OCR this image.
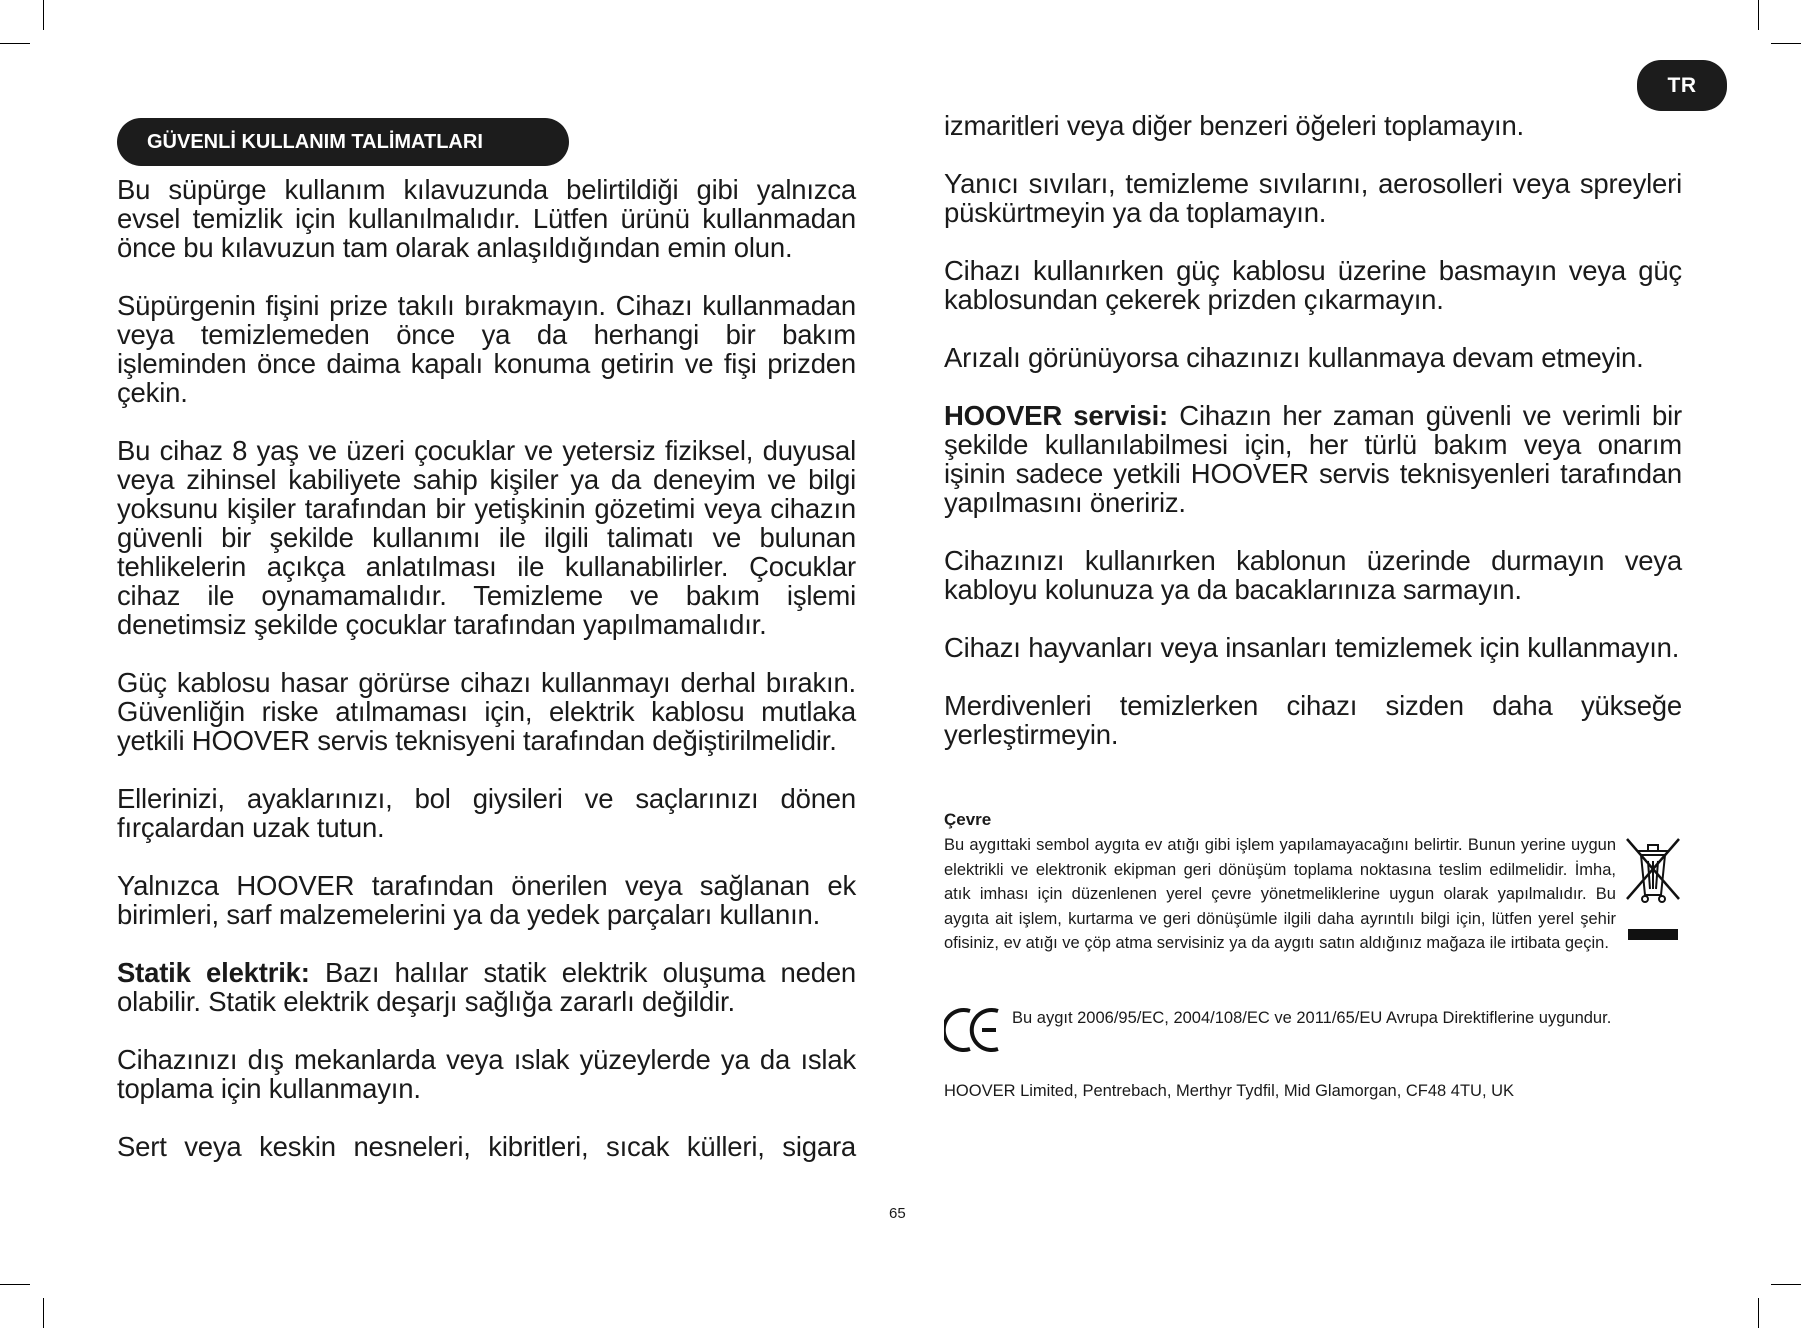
TR
GÜVENLİ KULLANIM TALİMATLARI

Bu süpürge kullanım kılavuzunda belirtildiği gibi yalnızca evsel temizlik için kullanılmalıdır. Lütfen ürünü kullanmadan önce bu kılavuzun tam olarak anlaşıldığından emin olun.

Süpürgenin fişini prize takılı bırakmayın. Cihazı kullanmadan veya temizlemeden önce ya da herhangi bir bakım işleminden önce daima kapalı konuma getirin ve fişi prizden çekin.

Bu cihaz 8 yaş ve üzeri çocuklar ve yetersiz fiziksel, duyusal veya zihinsel kabiliyete sahip kişiler ya da deneyim ve bilgi yoksunu kişiler tarafından bir yetişkinin gözetimi veya cihazın güvenli bir şekilde kullanımı ile ilgili talimatı ve bulunan tehlikelerin açıkça anlatılması ile kullanabilirler. Çocuklar cihaz ile oynamamalıdır. Temizleme ve bakım işlemi denetimsiz şekilde çocuklar tarafından yapılmamalıdır.

Güç kablosu hasar görürse cihazı kullanmayı derhal bırakın. Güvenliğin riske atılmaması için, elektrik kablosu mutlaka yetkili HOOVER servis teknisyeni tarafından değiştirilmelidir.

Ellerinizi, ayaklarınızı, bol giysileri ve saçlarınızı dönen fırçalardan uzak tutun.

Yalnızca HOOVER tarafından önerilen veya sağlanan ek birimleri, sarf malzemelerini ya da yedek parçaları kullanın.

Statik elektrik: Bazı halılar statik elektrik oluşuma neden olabilir. Statik elektrik deşarjı sağlığa zararlı değildir.

Cihazınızı dış mekanlarda veya ıslak yüzeylerde ya da ıslak toplama için kullanmayın.

Sert veya keskin nesneleri, kibritleri, sıcak külleri, sigara

izmaritleri veya diğer benzeri öğeleri toplamayın.

Yanıcı sıvıları, temizleme sıvılarını, aerosolleri veya spreyleri püskürtmeyin ya da toplamayın.

Cihazı kullanırken güç kablosu üzerine basmayın veya güç kablosundan çekerek prizden çıkarmayın.

Arızalı görünüyorsa cihazınızı kullanmaya devam etmeyin.

HOOVER servisi: Cihazın her zaman güvenli ve verimli bir şekilde kullanılabilmesi için, her türlü bakım veya onarım işinin sadece yetkili HOOVER servis teknisyenleri tarafından yapılmasını öneririz.

Cihazınızı kullanırken kablonun üzerinde durmayın veya kabloyu kolunuza ya da bacaklarınıza sarmayın.

Cihazı hayvanları veya insanları temizlemek için kullanmayın.

Merdivenleri temizlerken cihazı sizden daha yükseğe yerleştirmeyin.

Çevre

Bu aygıttaki sembol aygıta ev atığı gibi işlem yapılamayacağını belirtir. Bunun yerine uygun elektrikli ve elektronik ekipman geri dönüşüm toplama noktasına teslim edilmelidir. İmha, atık imhası için düzenlenen yerel çevre yönetmeliklerine uygun olarak yapılmalıdır. Bu aygıta ait işlem, kurtarma ve geri dönüşümle ilgili daha ayrıntılı bilgi için, lütfen yerel şehir ofisiniz, ev atığı ve çöp atma servisiniz ya da aygıtı satın aldığınız mağaza ile irtibata geçin.

Bu aygıt 2006/95/EC, 2004/108/EC ve 2011/65/EU Avrupa Direktiflerine uygundur.

HOOVER Limited, Pentrebach, Merthyr Tydfil, Mid Glamorgan, CF48 4TU, UK
65
